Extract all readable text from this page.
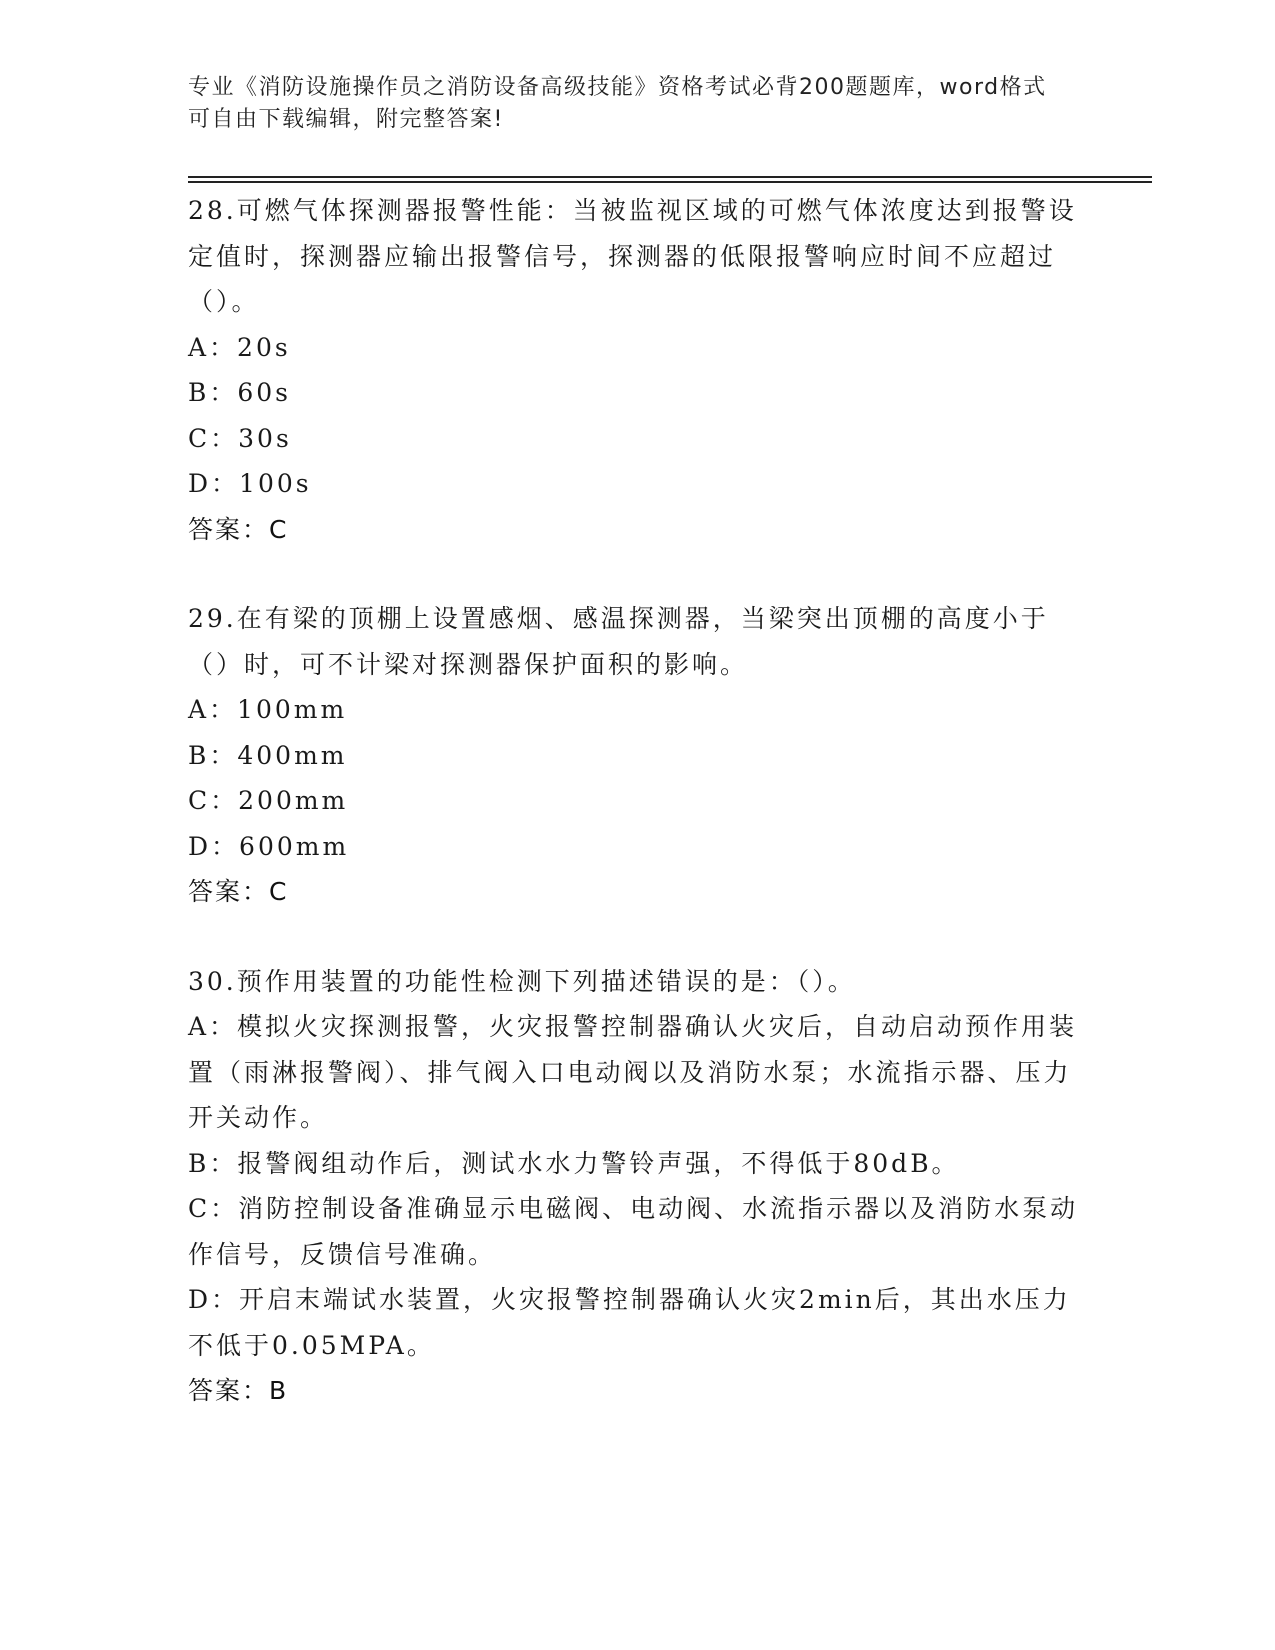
专业《消防设施操作员之消防设备高级技能》资格考试必背200题题库，word格式可自由下载编辑，附完整答案!

28.可燃气体探测器报警性能：当被监视区域的可燃气体浓度达到报警设定值时，探测器应输出报警信号，探测器的低限报警响应时间不应超过（）。

A：20s

B：60s

C：30s

D：100s

答案：C

29.在有梁的顶棚上设置感烟、感温探测器，当梁突出顶棚的高度小于（）时，可不计梁对探测器保护面积的影响。

A：100mm

B：400mm

C：200mm

D：600mm

答案：C

30.预作用装置的功能性检测下列描述错误的是：（）。

A：模拟火灾探测报警，火灾报警控制器确认火灾后，自动启动预作用装置（雨淋报警阀）、排气阀入口电动阀以及消防水泵；水流指示器、压力开关动作。

B：报警阀组动作后，测试水水力警铃声强，不得低于80dB。

C：消防控制设备准确显示电磁阀、电动阀、水流指示器以及消防水泵动作信号，反馈信号准确。

D：开启末端试水装置，火灾报警控制器确认火灾2min后，其出水压力不低于0.05MPA。

答案：B
